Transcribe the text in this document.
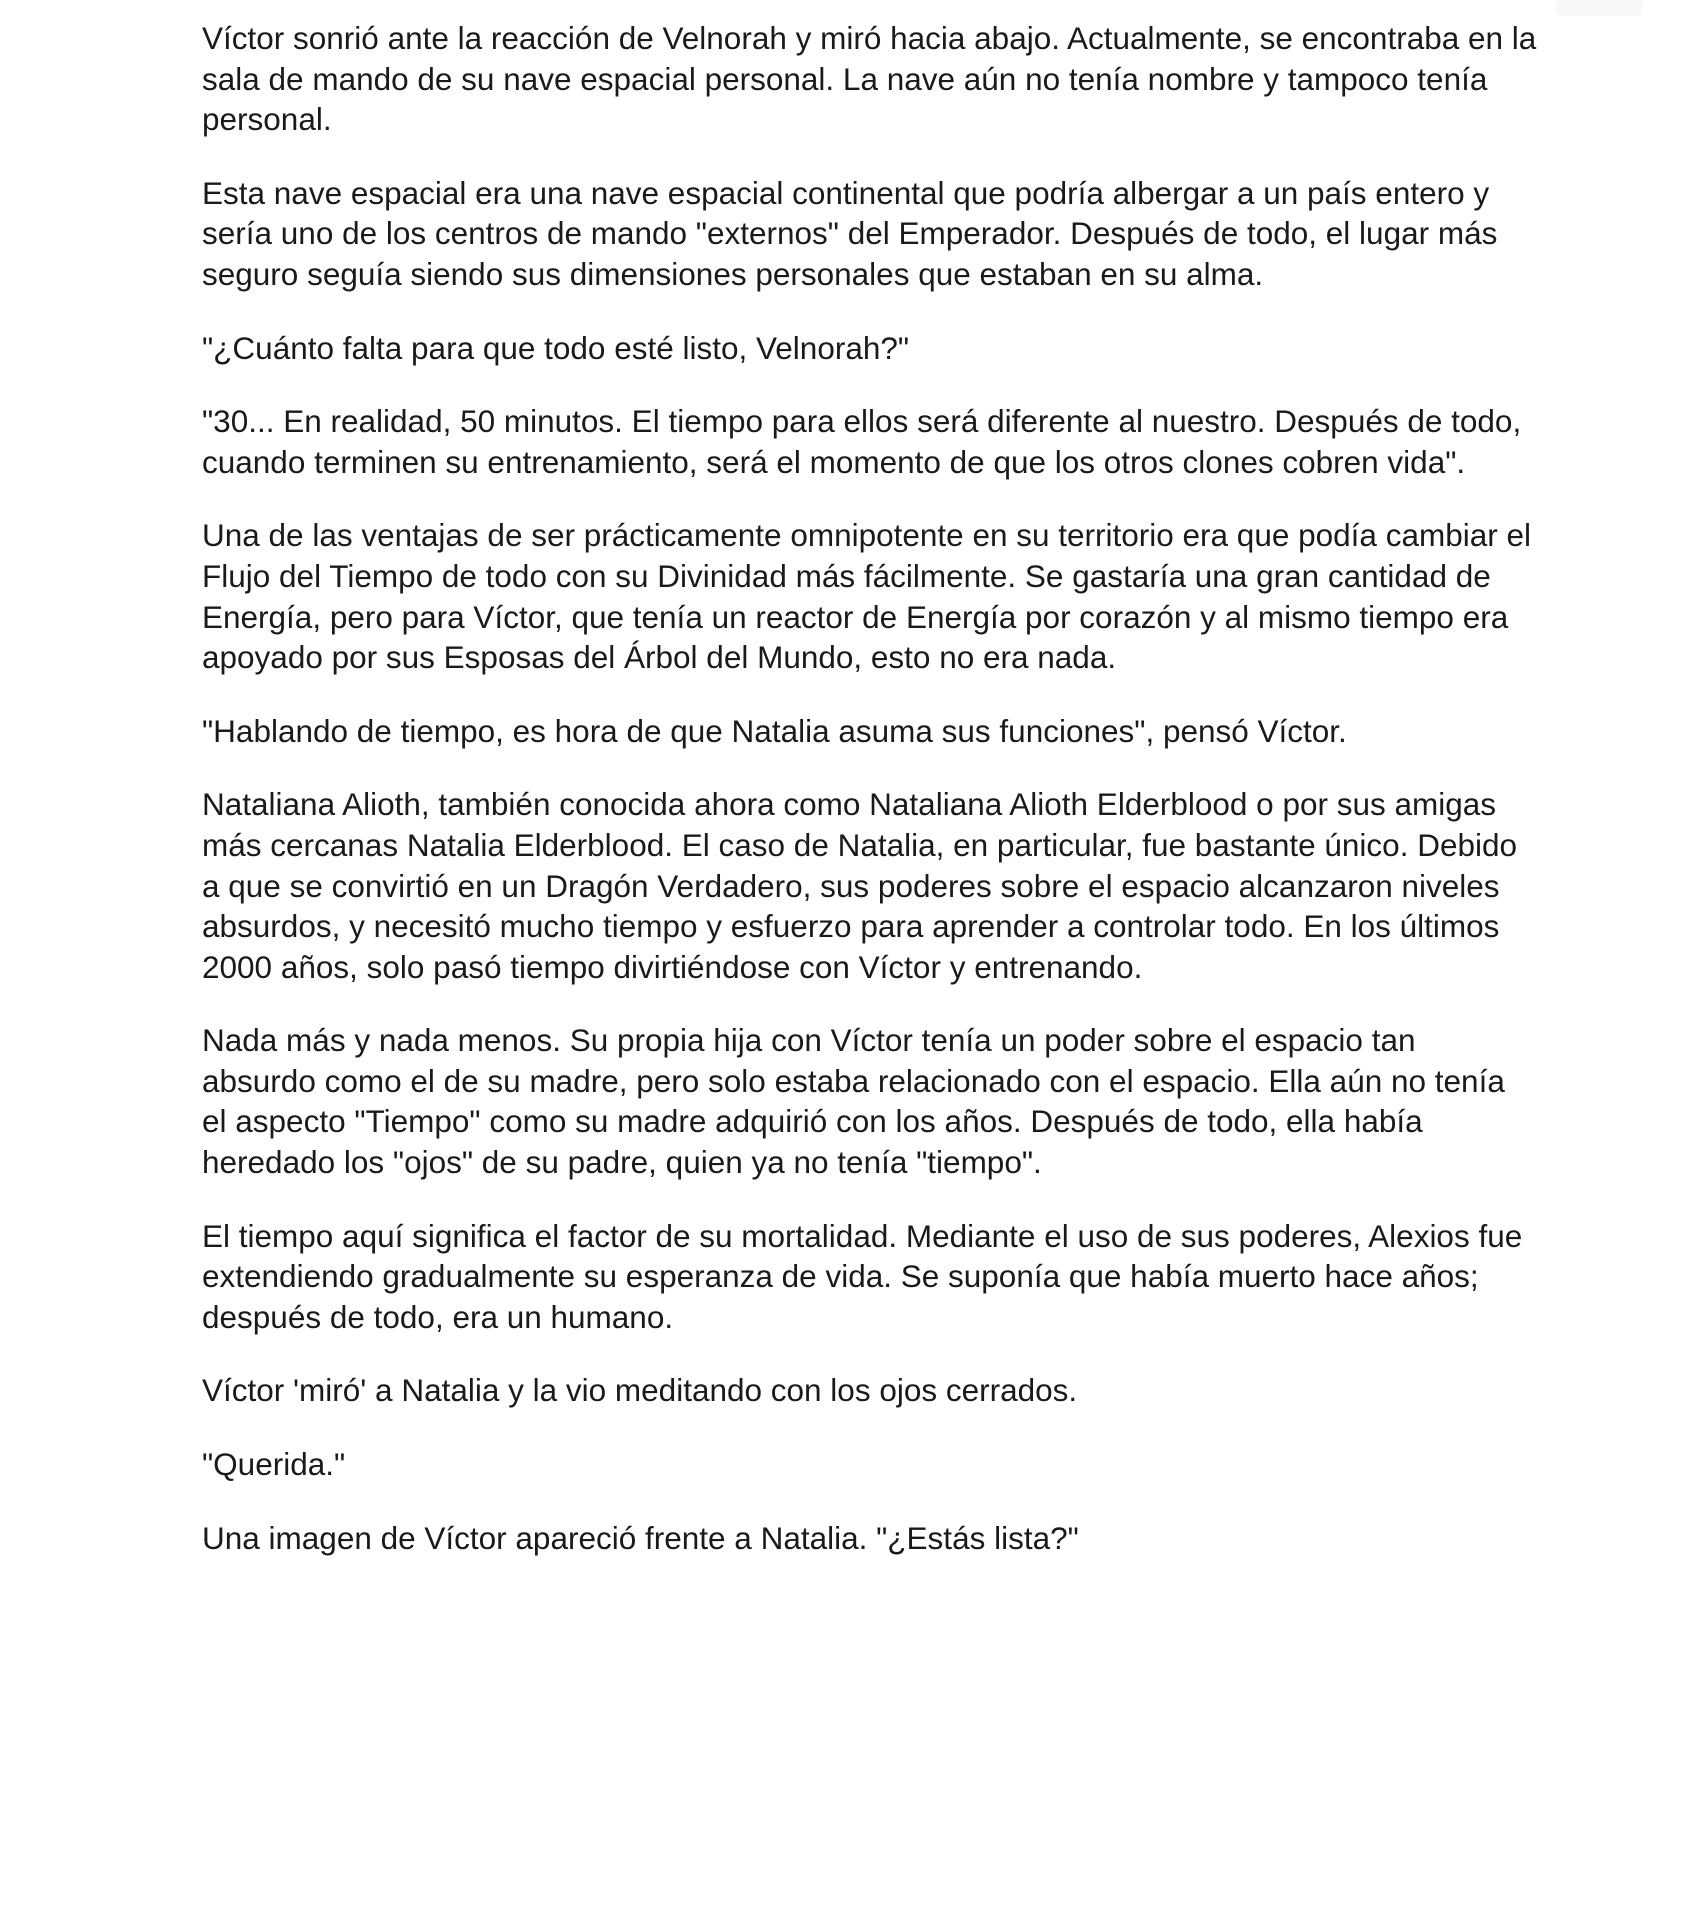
Víctor sonrió ante la reacción de Velnorah y miró hacia abajo. Actualmente, se encontraba en la sala de mando de su nave espacial personal. La nave aún no tenía nombre y tampoco tenía personal.

Esta nave espacial era una nave espacial continental que podría albergar a un país entero y sería uno de los centros de mando "externos" del Emperador. Después de todo, el lugar más seguro seguía siendo sus dimensiones personales que estaban en su alma.

"¿Cuánto falta para que todo esté listo, Velnorah?"

"30... En realidad, 50 minutos. El tiempo para ellos será diferente al nuestro. Después de todo, cuando terminen su entrenamiento, será el momento de que los otros clones cobren vida".

Una de las ventajas de ser prácticamente omnipotente en su territorio era que podía cambiar el Flujo del Tiempo de todo con su Divinidad más fácilmente. Se gastaría una gran cantidad de Energía, pero para Víctor, que tenía un reactor de Energía por corazón y al mismo tiempo era apoyado por sus Esposas del Árbol del Mundo, esto no era nada.

"Hablando de tiempo, es hora de que Natalia asuma sus funciones", pensó Víctor.

Nataliana Alioth, también conocida ahora como Nataliana Alioth Elderblood o por sus amigas más cercanas Natalia Elderblood. El caso de Natalia, en particular, fue bastante único. Debido a que se convirtió en un Dragón Verdadero, sus poderes sobre el espacio alcanzaron niveles absurdos, y necesitó mucho tiempo y esfuerzo para aprender a controlar todo. En los últimos 2000 años, solo pasó tiempo divirtiéndose con Víctor y entrenando.

Nada más y nada menos. Su propia hija con Víctor tenía un poder sobre el espacio tan absurdo como el de su madre, pero solo estaba relacionado con el espacio. Ella aún no tenía el aspecto "Tiempo" como su madre adquirió con los años. Después de todo, ella había heredado los "ojos" de su padre, quien ya no tenía "tiempo".

El tiempo aquí significa el factor de su mortalidad. Mediante el uso de sus poderes, Alexios fue extendiendo gradualmente su esperanza de vida. Se suponía que había muerto hace años; después de todo, era un humano.

Víctor 'miró' a Natalia y la vio meditando con los ojos cerrados.

"Querida."

Una imagen de Víctor apareció frente a Natalia. "¿Estás lista?"
